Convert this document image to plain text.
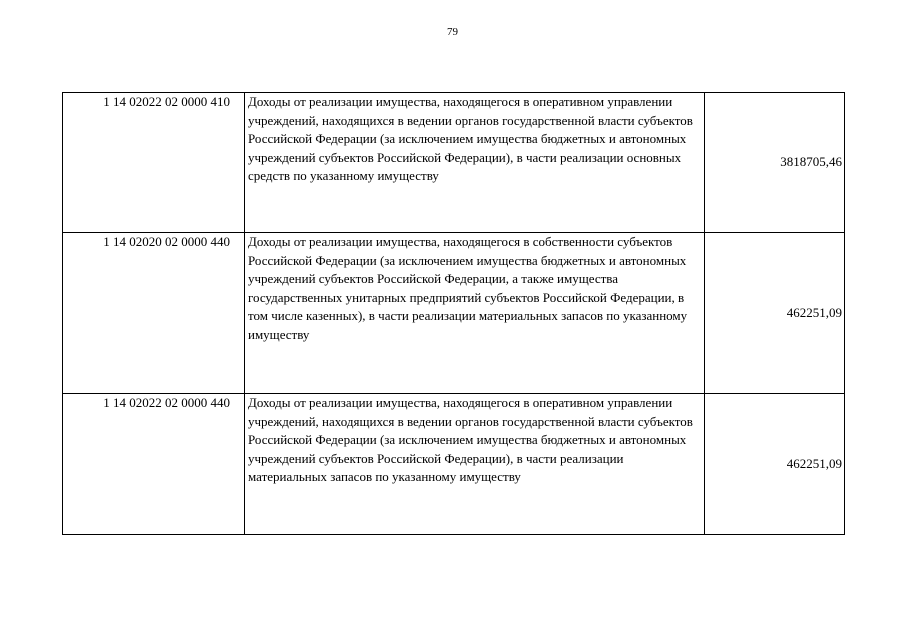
79
1 14 02022 02 0000 410	Доходы от реализации имущества, находящегося в оперативном управлении учреждений, находящихся в ведении органов государственной власти субъектов Российской Федерации (за исключением имущества бюджетных и автономных учреждений субъектов Российской Федерации), в части реализации основных средств по указанному имуществу	3818705,46
1 14 02020 02 0000 440	Доходы от реализации имущества, находящегося в собственности субъектов Российской Федерации (за исключением имущества бюджетных и автономных учреждений субъектов Российской Федерации, а также имущества государственных унитарных предприятий субъектов Российской Федерации, в том числе казенных), в части реализации материальных запасов по указанному имуществу	462251,09
1 14 02022 02 0000 440	Доходы от реализации имущества, находящегося в оперативном управлении учреждений, находящихся в ведении органов государственной власти субъектов Российской Федерации (за исключением имущества бюджетных и автономных учреждений субъектов Российской Федерации), в части реализации материальных запасов по указанному имуществу	462251,09
